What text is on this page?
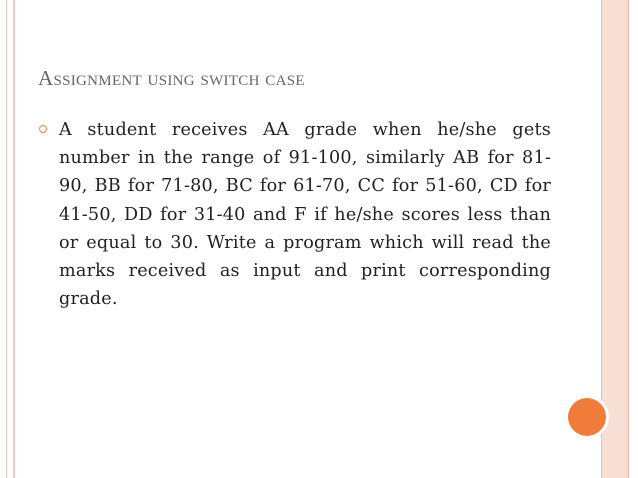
Assignment using switch case

A student receives AA grade when he/she gets number in the range of 91-100, similarly AB for 81-90, BB for 71-80, BC for 61-70, CC for 51-60, CD for 41-50, DD for 31-40 and F if he/she scores less than or equal to 30. Write a program which will read the marks received as input and print corresponding grade.
